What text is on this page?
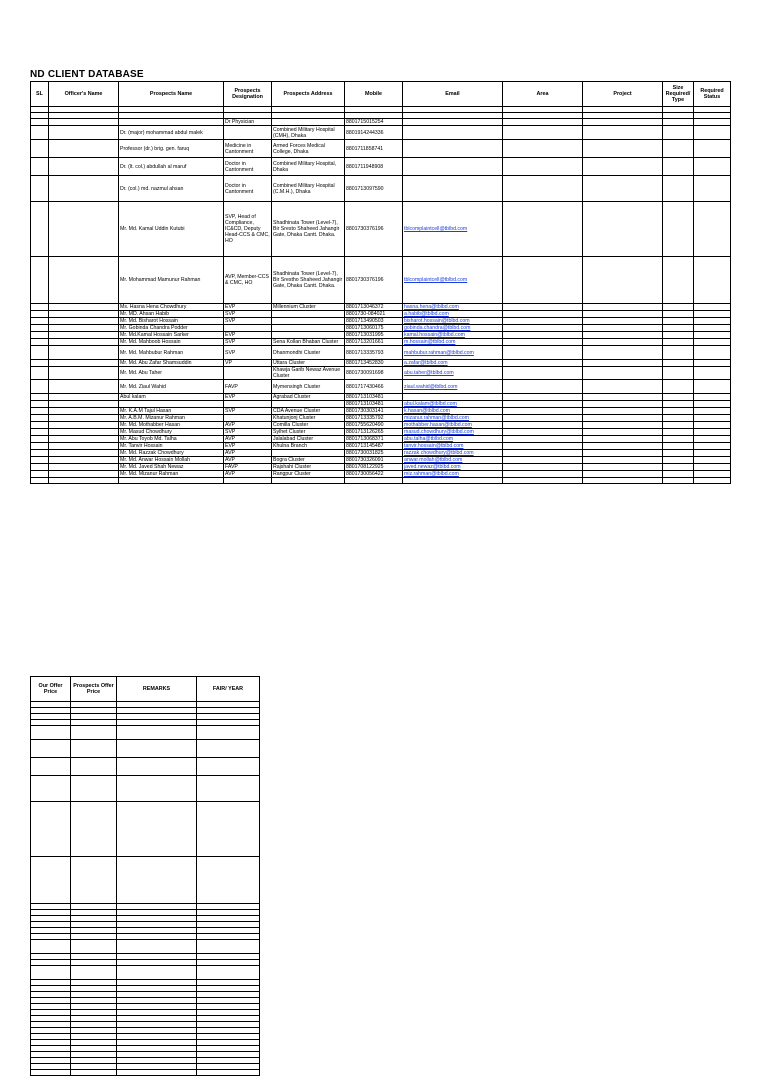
ND CLIENT DATABASE
SL	Officer's Name	Prospects Name	Prospects Designation	Prospects Address	Mobile	Email	Area	Project	Size Required/ Type	Required Status

			Dr Physician		8801715015254					
		Dr. (major) mohammad abdul malek		Combined Military Hospital (CMH), Dhaka	8801914244336					
		Professor (dr.) brig. gen. faruq	Medicine in Cantonment	Armed Forces Medical College, Dhaka	8801711858741					
		Dr. (lt. col.) abdullah al maruf	Doctor in Cantonment	Combined Military Hospital, Dhaka	8801711948908					
		Dr. (col.) md. nazmul ahsan	Doctor in Cantonment	Combined Military Hospital (C.M.H.), Dhaka	8801713097590					
		Mr. Md. Kamal Uddin Kutubi	SVP, Head of Compliance, IC&CD, Deputy Head-CCS & CMC, HO	Shadhinata Tower (Level-7), Bir Sresto Shaheed Jahangir Gate, Dhaka Cantt. Dhaka.	8801730376196	tblcomplaintcell@tblbd.com				
		Mr. Mohammad Mamunur Rahman	AVP, Member-CCS & CMC, HO	Shadhinata Tower (Level-7), Bir Srestho Shaheed Jahangir Gate, Dhaka Cantt. Dhaka.	8801730376196	tblcomplaintcell@tblbd.com				
		Ms. Hasna Hena Chowdhury	EVP	Millennium Cluster	8801713046372	hasna.hena@tblbd.com				
		Mr. MD. Ahsan Habib	SVP		8801730-084021	a.habib@tblbd.com				
		Mr. Md. Bisharot Hossain	SVP		8801713490503	bisharot.hossain@tblbd.com				
		Mr. Gobinda Chandra Podder			8801713060175	gobinda.chandra@tblbd.com				
		Mr. Md.Kamal Hossain Sarker	EVP		8801713031995	kamal.hossain@tblbd.com				
		Mr. Md. Mahboob Hossain	SVP	Sena Kollan Bhaban Cluster	8801713201661	m.hossain@tblbd.com				
		Mr. Md. Mahbubur Rahman	SVP	Dhanmondhi Cluster	8801713335793	mahbubur.rahman@tblbd.com				
		Mr. Md. Abu Zafar Shamsuddin	VP	Uttara Cluster	8801713452830	a.zafar@tblbd.com				
		Mr. Md. Abu Taher		Khawja Garib Newaz Avenue Cluster	8801730091698	abu.taher@tblbd.com				
		Mr. Md. Ziaul Wahid	FAVP	Mymensingh Cluster	8801717430466	ziaul.wahid@tblbd.com				
		Abul kalam	EVP	Agrabad Cluster	8801713103481					
					8801713103481	abul.kalam@tblbd.com				
		Mr. K.A.M Tajul Hasan	SVP	CDA Avenue Cluster	8801730303141	k.hasan@tblbd.com				
		Mr. A.B.M. Mizanur Rahman		Khatunjonj Cluster	8801713335792	mizanur.rahman@tblbd.com				
		Mr. Md. Mothabber Hasan	AVP	Comilla Cluster	8801755620490	mothabber.hasan@tblbd.com				
		Mr. Masud Chowdhury	SVP	Sylhet Cluster	8801713126265	masud.chowdhury@tblbd.com				
		Mr. Abu Toyob Md. Talha	AVP	Jalalabad Cluster	8801713068371	abu.talha@tblbd.com				
		Mr. Tanvir Hossain	EVP	Khulna Branch	8801713145487	tanvir.hossain@tblbd.com				
		Mr. Md. Razzak Chowdhury	AVP		8801730031825	razzak.chowdhury@tblbd.com				
		Mr. Md. Anwar Hossain Mollah	AVP	Bogra Cluster	8801730326091	anwar.mollah@tblbd.com				
		Mr. Md. Javed Shah Newaz	FAVP	Rajshahi Cluster	8801708122925	javed.newaz@tblbd.com				
		Mr. Md. Mizanur Rahman	AVP	Rangpur Cluster	8801730056422	miz.rahman@tblbd.com				

Our Offer Price	Prospects Offer Price	REMARKS	FAIR/ YEAR
